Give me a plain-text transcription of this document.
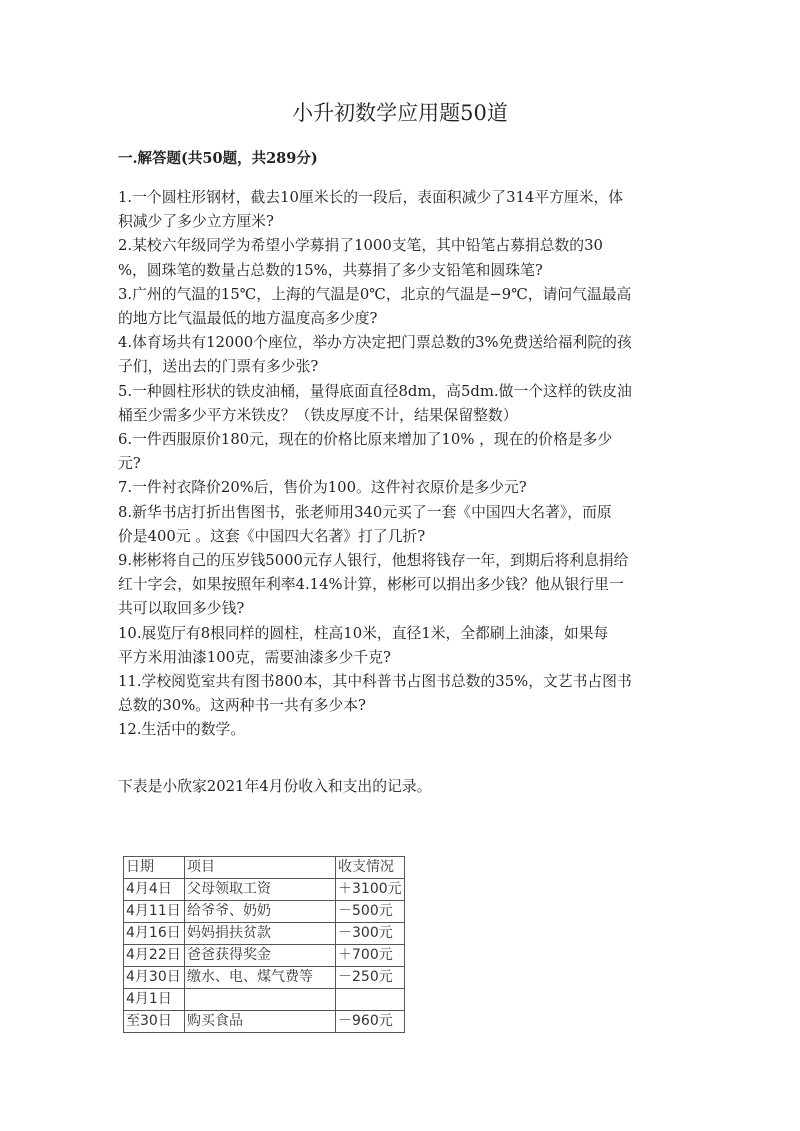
小升初数学应用题50道
一.解答题(共50题，共289分)
1.一个圆柱形钢材，截去10厘米长的一段后，表面积减少了314平方厘米，体
积减少了多少立方厘米?
2.某校六年级同学为希望小学募捐了1000支笔，其中铅笔占募捐总数的30
%，圆珠笔的数量占总数的15%，共募捐了多少支铅笔和圆珠笔?
3.广州的气温的15℃，上海的气温是0℃，北京的气温是−9℃，请问气温最高
的地方比气温最低的地方温度高多少度?
4.体育场共有12000个座位，举办方决定把门票总数的3%免费送给福利院的孩
子们，送出去的门票有多少张?
5.一种圆柱形状的铁皮油桶，量得底面直径8dm，高5dm.做一个这样的铁皮油
桶至少需多少平方米铁皮？（铁皮厚度不计，结果保留整数）
6.一件西服原价180元，现在的价格比原来增加了10% ，现在的价格是多少
元?
7.一件衬衣降价20%后，售价为100。这件衬衣原价是多少元?
8.新华书店打折出售图书，张老师用340元买了一套《中国四大名著》，而原
价是400元 。这套《中国四大名著》打了几折?
9.彬彬将自己的压岁钱5000元存人银行，他想将钱存一年，到期后将利息捐给
红十字会，如果按照年利率4.14%计算，彬彬可以捐出多少钱？他从银行里一
共可以取回多少钱?
10.展览厅有8根同样的圆柱，柱高10米，直径1米，全都刷上油漆，如果每
平方米用油漆100克，需要油漆多少千克?
11.学校阅览室共有图书800本，其中科普书占图书总数的35%，文艺书占图书
总数的30%。这两种书一共有多少本?
12.生活中的数学。
下表是小欣家2021年4月份收入和支出的记录。
日期	项目	收支情况
4月4日	父母领取工资	＋3100元
4月11日	给爷爷、奶奶	－500元
4月16日	妈妈捐扶贫款	－300元
4月22日	爸爸获得奖金	＋700元
4月30日	缴水、电、煤气费等	－250元
4月1日		
至30日	购买食品	－960元
